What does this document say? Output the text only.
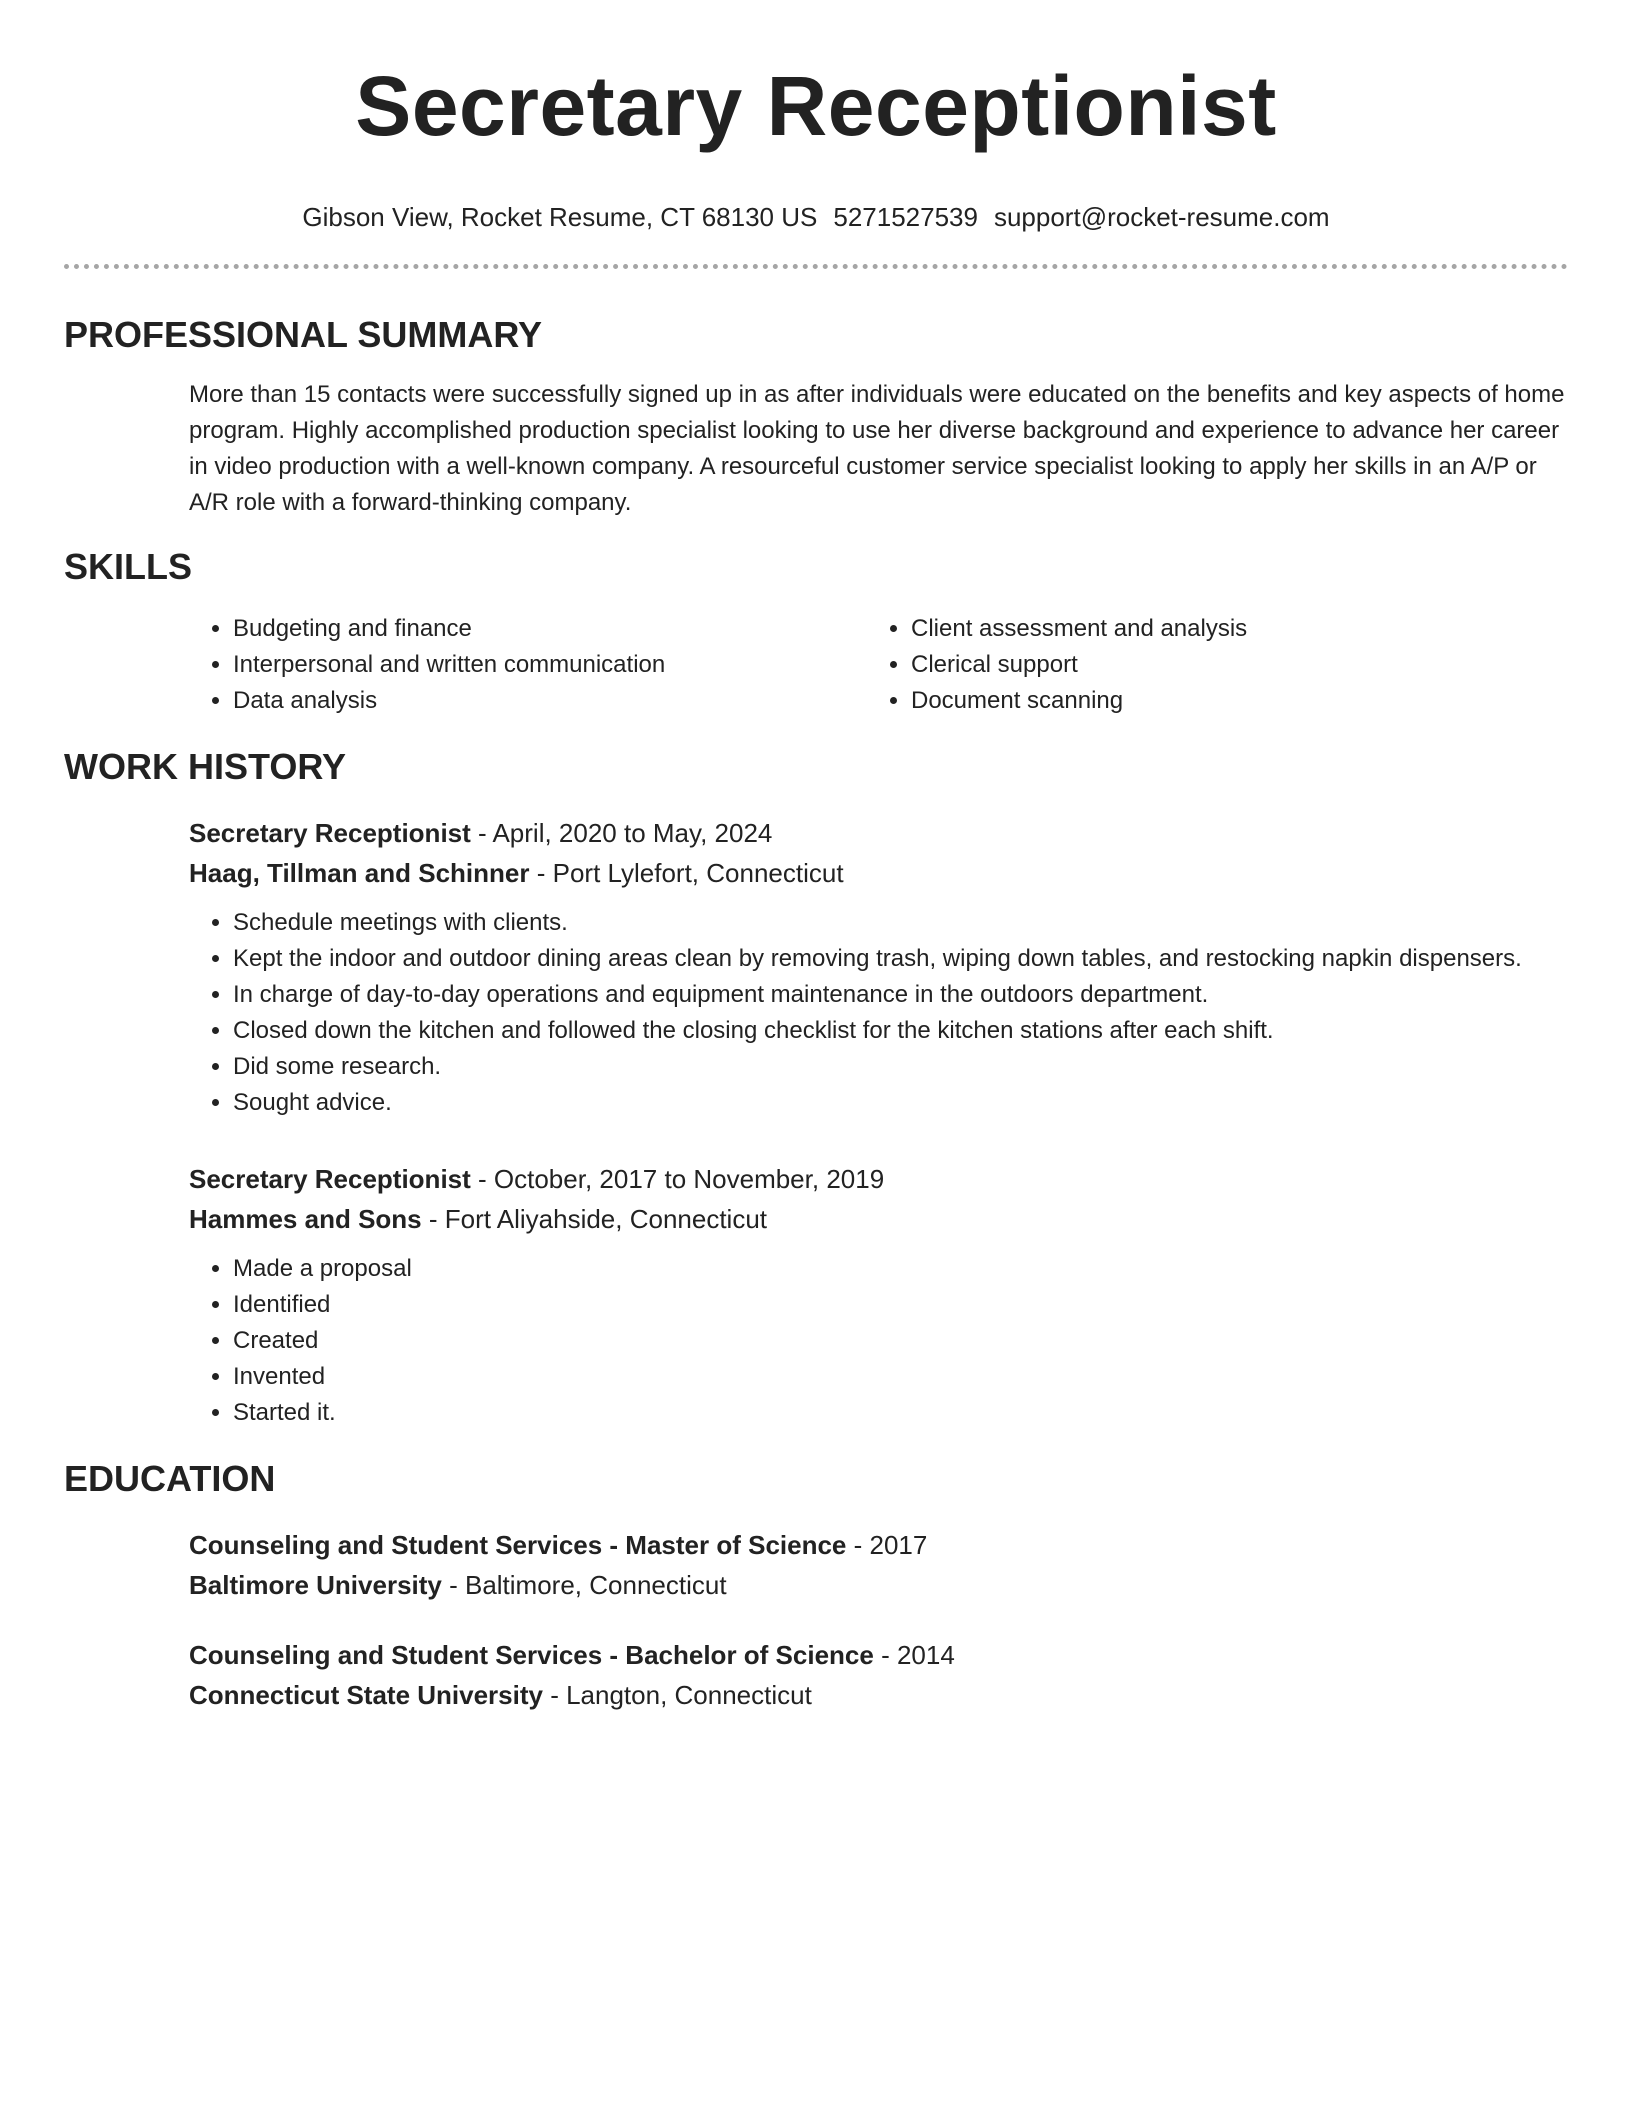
Secretary Receptionist
Gibson View, Rocket Resume, CT 68130 US 5271527539 support@rocket-resume.com
PROFESSIONAL SUMMARY
More than 15 contacts were successfully signed up in as after individuals were educated on the benefits and key aspects of home program. Highly accomplished production specialist looking to use her diverse background and experience to advance her career in video production with a well-known company. A resourceful customer service specialist looking to apply her skills in an A/P or A/R role with a forward-thinking company.
SKILLS
• Budgeting and finance
• Interpersonal and written communication
• Data analysis
• Client assessment and analysis
• Clerical support
• Document scanning
WORK HISTORY
Secretary Receptionist - April, 2020 to May, 2024
Haag, Tillman and Schinner - Port Lylefort, Connecticut
• Schedule meetings with clients.
• Kept the indoor and outdoor dining areas clean by removing trash, wiping down tables, and restocking napkin dispensers.
• In charge of day-to-day operations and equipment maintenance in the outdoors department.
• Closed down the kitchen and followed the closing checklist for the kitchen stations after each shift.
• Did some research.
• Sought advice.
Secretary Receptionist - October, 2017 to November, 2019
Hammes and Sons - Fort Aliyahside, Connecticut
• Made a proposal
• Identified
• Created
• Invented
• Started it.
EDUCATION
Counseling and Student Services - Master of Science - 2017
Baltimore University - Baltimore, Connecticut
Counseling and Student Services - Bachelor of Science - 2014
Connecticut State University - Langton, Connecticut
